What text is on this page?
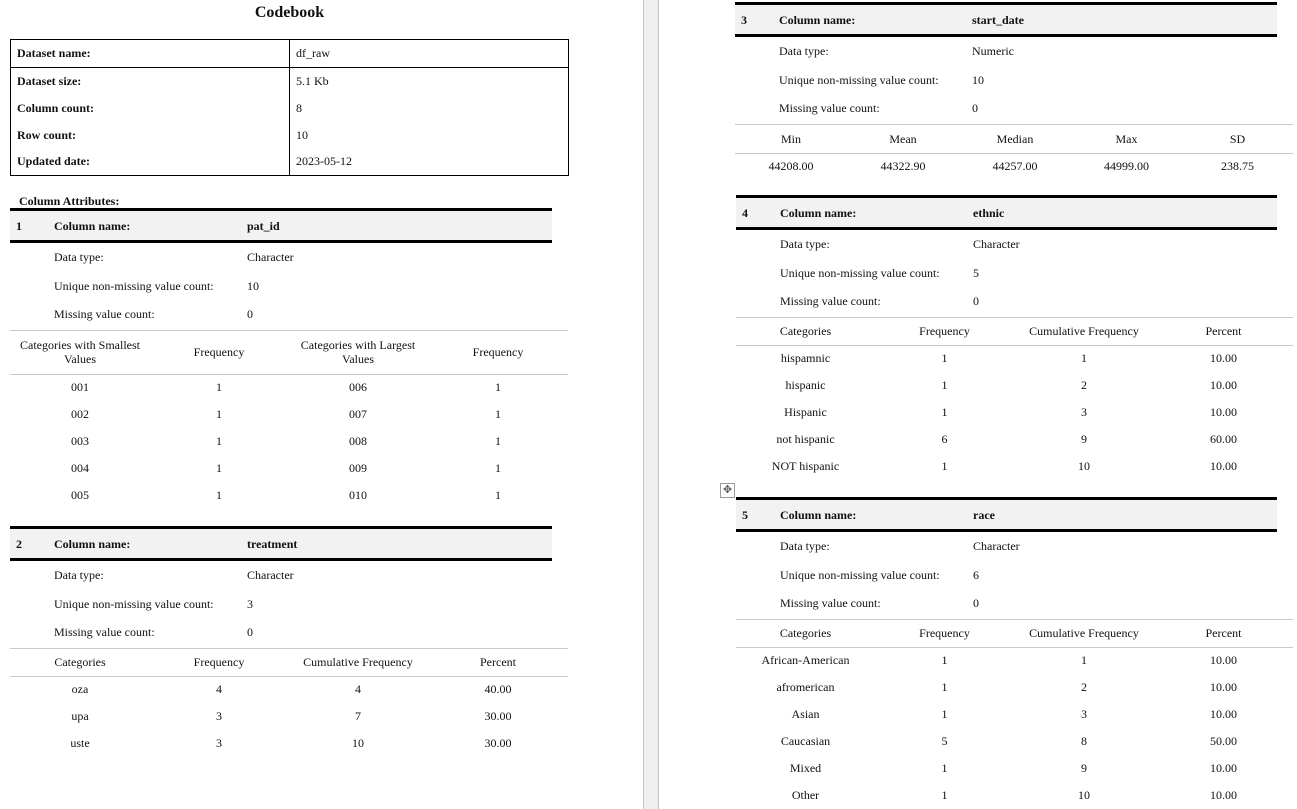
Codebook
Dataset name:	df_raw
Dataset size:	5.1 Kb
Column count:	8
Row count:	10
Updated date:	2023-05-12
Column Attributes:
1	Column name:	pat_id
Data type:	Character
Unique non-missing value count:	10
Missing value count:	0
Categories with Smallest Values	Frequency	Categories with Largest Values	Frequency
001	1	006	1
002	1	007	1
003	1	008	1
004	1	009	1
005	1	010	1
2	Column name:	treatment
Data type:	Character
Unique non-missing value count:	3
Missing value count:	0
Categories	Frequency	Cumulative Frequency	Percent
oza	4	4	40.00
upa	3	7	30.00
uste	3	10	30.00
3	Column name:	start_date
Data type:	Numeric
Unique non-missing value count:	10
Missing value count:	0
Min	Mean	Median	Max	SD
44208.00	44322.90	44257.00	44999.00	238.75
4	Column name:	ethnic
Data type:	Character
Unique non-missing value count:	5
Missing value count:	0
Categories	Frequency	Cumulative Frequency	Percent
hispamnic	1	1	10.00
hispanic	1	2	10.00
Hispanic	1	3	10.00
not hispanic	6	9	60.00
NOT hispanic	1	10	10.00
5	Column name:	race
Data type:	Character
Unique non-missing value count:	6
Missing value count:	0
Categories	Frequency	Cumulative Frequency	Percent
African-American	1	1	10.00
afromerican	1	2	10.00
Asian	1	3	10.00
Caucasian	5	8	50.00
Mixed	1	9	10.00
Other	1	10	10.00
✥
